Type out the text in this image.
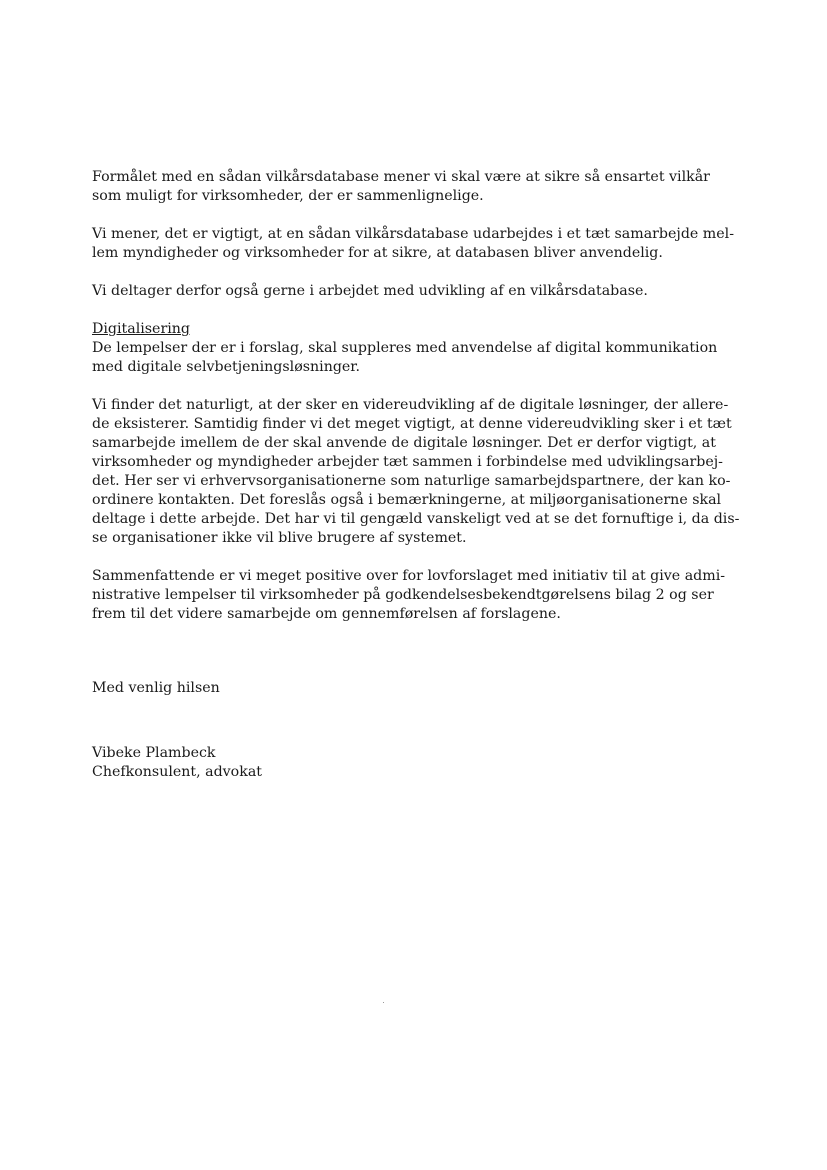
Formålet med en sådan vilkårsdatabase mener vi skal være at sikre så ensartet vilkår
som muligt for virksomheder, der er sammenlignelige.
Vi mener, det er vigtigt, at en sådan vilkårsdatabase udarbejdes i et tæt samarbejde mel-
lem myndigheder og virksomheder for at sikre, at databasen bliver anvendelig.
Vi deltager derfor også gerne i arbejdet med udvikling af en vilkårsdatabase.
Digitalisering
De lempelser der er i forslag, skal suppleres med anvendelse af digital kommunikation
med digitale selvbetjeningsløsninger.
Vi finder det naturligt, at der sker en videreudvikling af de digitale løsninger, der allere-
de eksisterer. Samtidig finder vi det meget vigtigt, at denne videreudvikling sker i et tæt
samarbejde imellem de der skal anvende de digitale løsninger. Det er derfor vigtigt, at
virksomheder og myndigheder arbejder tæt sammen i forbindelse med udviklingsarbej-
det. Her ser vi erhvervsorganisationerne som naturlige samarbejdspartnere, der kan ko-
ordinere kontakten. Det foreslås også i bemærkningerne, at miljøorganisationerne skal
deltage i dette arbejde. Det har vi til gengæld vanskeligt ved at se det fornuftige i, da dis-
se organisationer ikke vil blive brugere af systemet.
Sammenfattende er vi meget positive over for lovforslaget med initiativ til at give admi-
nistrative lempelser til virksomheder på godkendelsesbekendtgørelsens bilag 2 og ser
frem til det videre samarbejde om gennemførelsen af forslagene.
Med venlig hilsen
Vibeke Plambeck
Chefkonsulent, advokat
